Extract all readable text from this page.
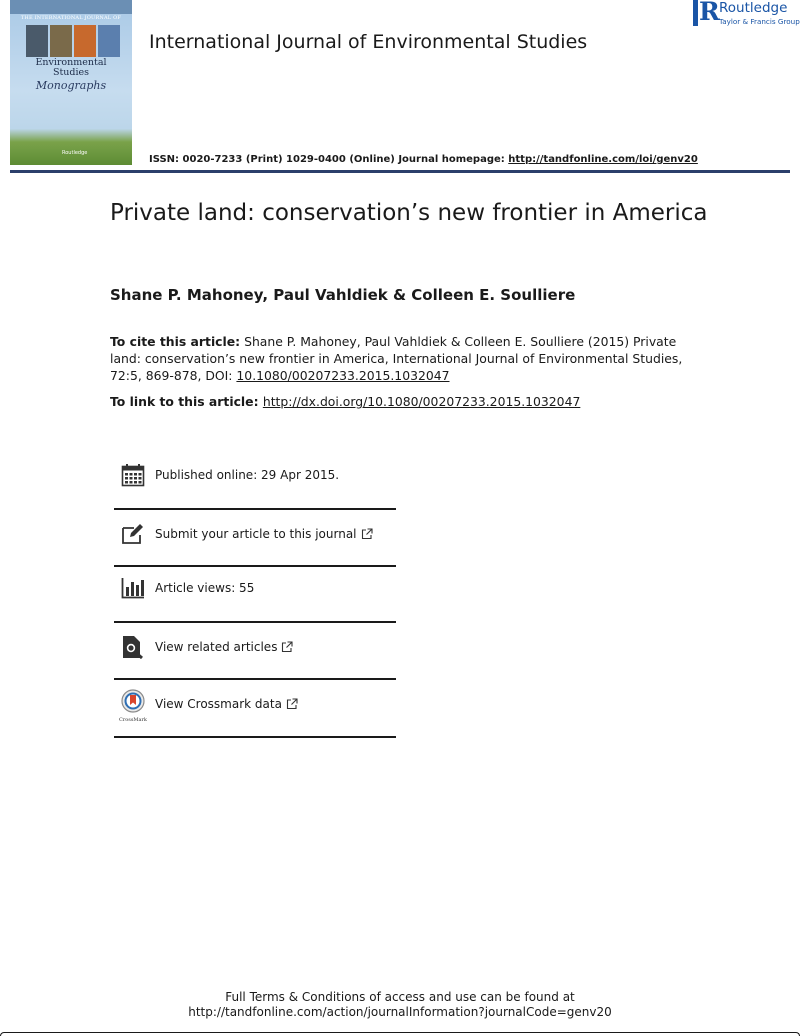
THE INTERNATIONAL JOURNAL OF
Environmental
Studies
Monographs
Routledge
International Journal of Environmental Studies
R Routledge
Taylor & Francis Group
ISSN: 0020-7233 (Print) 1029-0400 (Online) Journal homepage: http://tandfonline.com/loi/genv20
Private land: conservation’s new frontier in America
Shane P. Mahoney, Paul Vahldiek & Colleen E. Soulliere
To cite this article: Shane P. Mahoney, Paul Vahldiek & Colleen E. Soulliere (2015) Private land: conservation’s new frontier in America, International Journal of Environmental Studies, 72:5, 869-878, DOI: 10.1080/00207233.2015.1032047
To link to this article: http://dx.doi.org/10.1080/00207233.2015.1032047
Published online: 29 Apr 2015.
Submit your article to this journal
Article views: 55
View related articles
CrossMark
View Crossmark data
Full Terms & Conditions of access and use can be found at
http://tandfonline.com/action/journalInformation?journalCode=genv20
